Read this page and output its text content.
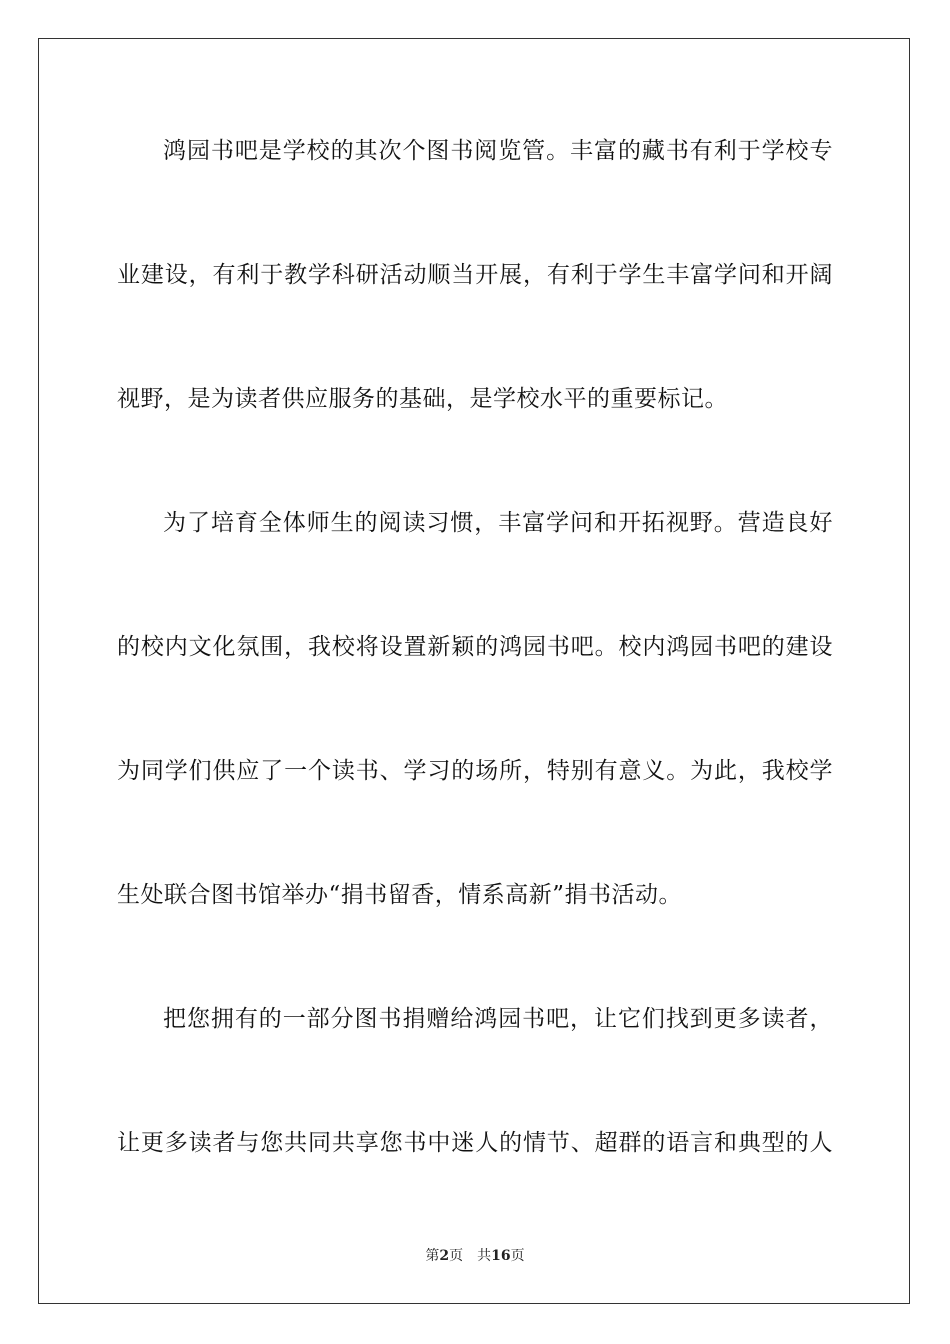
鸿园书吧是学校的其次个图书阅览管。丰富的藏书有利于学校专
业建设，有利于教学科研活动顺当开展，有利于学生丰富学问和开阔
视野，是为读者供应服务的基础，是学校水平的重要标记。
为了培育全体师生的阅读习惯，丰富学问和开拓视野。营造良好
的校内文化氛围，我校将设置新颖的鸿园书吧。校内鸿园书吧的建设
为同学们供应了一个读书、学习的场所，特别有意义。为此，我校学
生处联合图书馆举办“捐书留香，情系高新”捐书活动。
把您拥有的一部分图书捐赠给鸿园书吧，让它们找到更多读者，
让更多读者与您共同共享您书中迷人的情节、超群的语言和典型的人
第2页 共16页
